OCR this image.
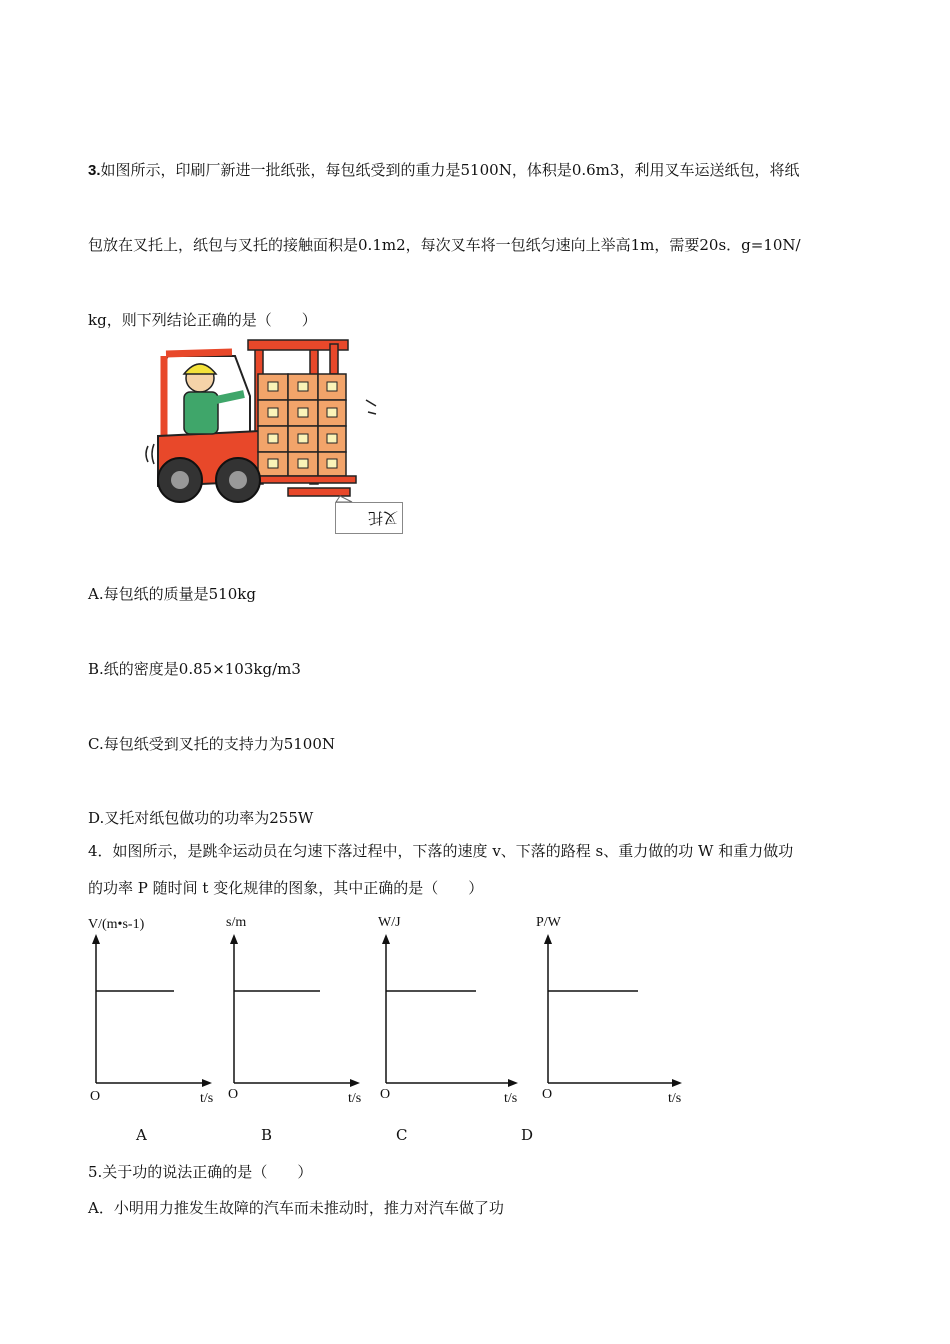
3.如图所示，印刷厂新进一批纸张，每包纸受到的重力是5100N，体积是0.6m3，利用叉车运送纸包，将纸
包放在叉托上，纸包与叉托的接触面积是0.1m2，每次叉车将一包纸匀速向上举高1m，需要20s．g=10N/
kg，则下列结论正确的是（　　）
叉托
A.每包纸的质量是510kg
B.纸的密度是0.85×103kg/m3
C.每包纸受到叉托的支持力为5100N
D.叉托对纸包做功的功率为255W
4．如图所示，是跳伞运动员在匀速下落过程中，下落的速度 v、下落的路程 s、重力做的功 W 和重力做功
的功率 P 随时间 t 变化规律的图象，其中正确的是（　　）
V/(m•s-1)
O	t/s
s/m
O	t/s
W/J
O	t/s
P/W
O	t/s
A	B	C	D
5.关于功的说法正确的是（　　）
A．小明用力推发生故障的汽车而未推动时，推力对汽车做了功
